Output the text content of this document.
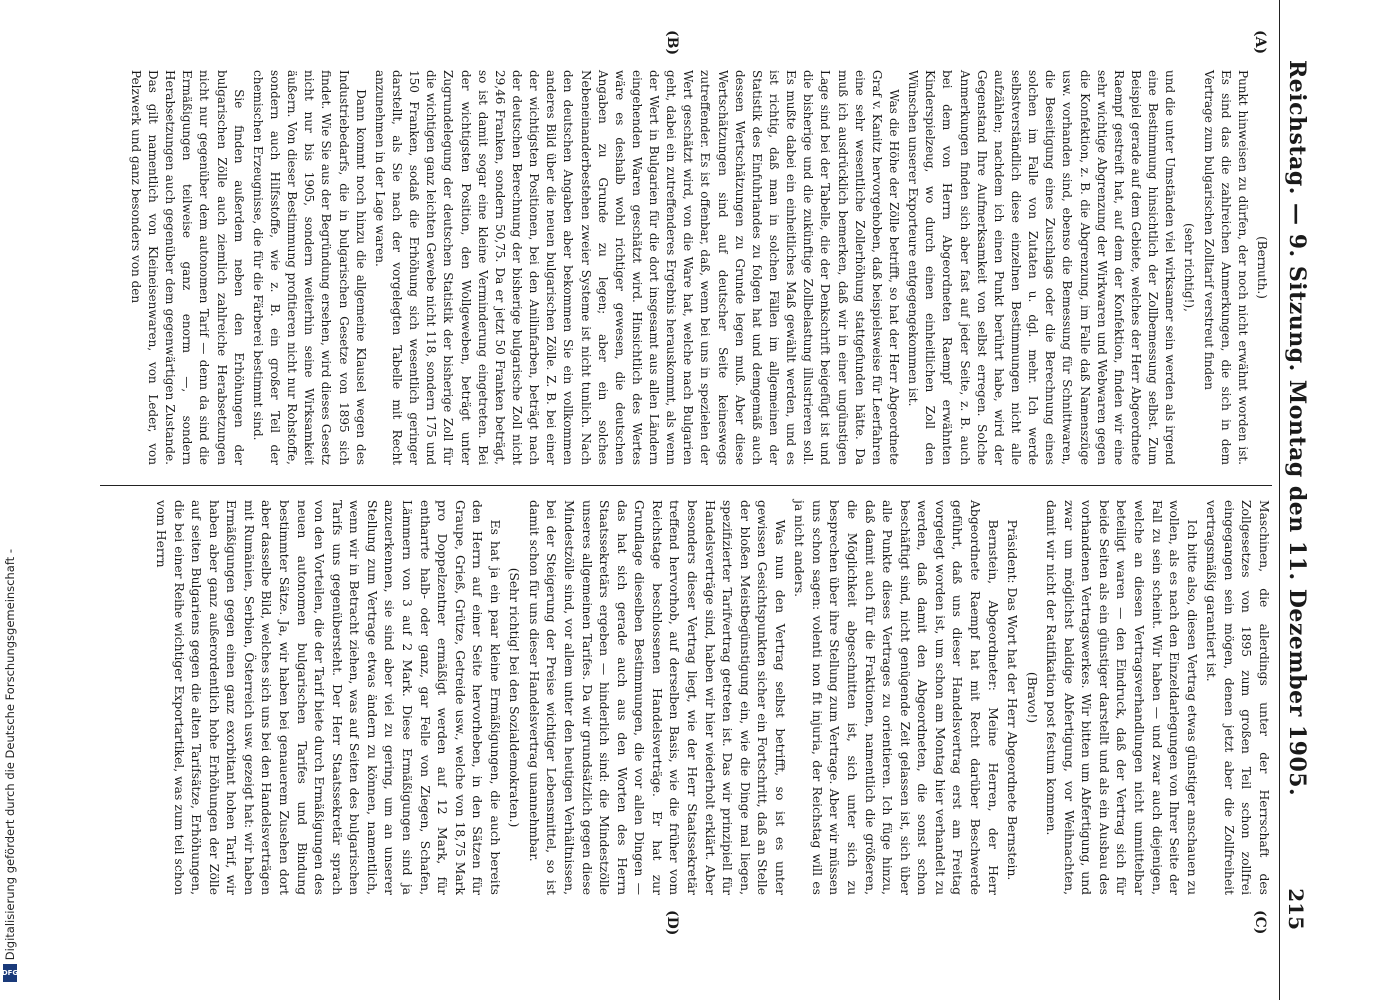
DFG
Digitalisierung gefördert durch die Deutsche Forschungsgemeinschaft -	Reichstag. — 9. Sitzung. Montag den 11. Dezember 1905.
215
(A)
(B)
(C)
(D)

(Bernuth.)

Punkt hinweisen zu dürfen, der noch nicht erwähnt worden ist. Es sind das die zahlreichen Anmerkungen, die sich in dem Vertrage zum bulgarischen Zolltarif verstreut finden

(sehr richtig!),

und die unter Umständen viel wirksamer sein werden als irgend eine Bestimmung hinsichtlich der Zollbemessung selbst. Zum Beispiel gerade auf dem Gebiete, welches der Herr Abgeordnete Raempf gestreift hat, auf dem der Konfektion, finden wir eine sehr wichtige Abgrenzung der Wirkwaren und Webwaren gegen die Konfektion, z. B. die Abgrenzung, im Falle daß Namenszüge usw. vorhanden sind, ebenso die Bemessung für Schnittwaren, die Beseitigung eines Zuschlags oder die Berechnung eines solchen im Falle von Zutaten u. dgl. mehr. Ich werde selbstverständlich diese einzelnen Bestimmungen nicht alle aufzählen; nachdem ich einen Punkt berührt habe, wird der Gegenstand Ihre Aufmerksamkeit von selbst erregen. Solche Anmerkungen finden sich aber fast auf jeder Seite, z. B. auch bei dem von Herrn Abgeordneten Raempf erwähnten Kinderspielzeug, wo durch einen einheitlichen Zoll den Wünschen unserer Exporteure entgegengekommen ist.

Was die Höhe der Zölle betrifft, so hat der Herr Abgeordnete Graf v. Kanitz hervorgehoben, daß beispielsweise für Leerfahren eine sehr wesentliche Zollerhöhung stattgefunden hätte. Da muß ich ausdrücklich bemerken, daß wir in einer ungünstigen Lage sind bei der Tabelle, die der Denkschrift beigefügt ist und die bisherige und die zukünftige Zollbelastung illustrieren soll. Es mußte dabei ein einheitliches Maß gewählt werden, und es ist richtig, daß man in solchen Fällen im allgemeinen der Statistik des Einfuhrlandes zu folgen hat und demgemäß auch dessen Wertschätzungen zu Grunde legen muß. Aber diese Wertschätzungen sind auf deutscher Seite keineswegs zutreffender. Es ist offenbar, daß, wenn bei uns in spezielen der Wert geschätzt wird, von die Ware hat, welche nach Bulgarien geht, dabei ein zutreffenderes Ergebnis herauskommt, als wenn der Wert in Bulgarien für die dort insgesamt aus allen Ländern eingehenden Waren geschätzt wird. Hinsichtlich des Wertes wäre es deshalb wohl richtiger gewesen, die deutschen Angaben zu Grunde zu legen; aber ein solches Nebeneinanderbestehen zweier Systeme ist nicht tunlich. Nach den deutschen Angaben aber bekommen Sie ein vollkommen anderes Bild über die neuen bulgarischen Zölle. Z. B. bei einer der wichtigsten Positionen, bei den Anilinfarben, beträgt nach der deutschen Berechnung der bisherige bulgarische Zoll nicht 29,46 Franken, sondern 50,75. Da er jetzt 50 Franken beträgt, so ist damit sogar eine kleine Verminderung eingetreten. Bei der wichtigsten Position, den Wollgeweben, beträgt unter Zugrundelegung der deutschen Statistik der bisherige Zoll für die wichtigen ganz leichten Gewebe nicht 118, sondern 175 und 150 Franken, sodaß die Erhöhung sich wesentlich geringer darstellt, als Sie nach der vorgelegten Tabelle mit Recht anzunehmen in der Lage waren.

Dann kommt noch hinzu die allgemeine Klausel wegen des Industriebedarfs, die in bulgarischen Gesetze von 1895 sich findet. Wie Sie aus der Begründung ersehen, wird dieses Gesetz nicht nur bis 1905, sondern weiterhin seine Wirksamkeit äußern. Von dieser Bestimmung profitieren nicht nur Rohstoffe, sondern auch Hilfsstoffe, wie z. B. ein großer Teil der chemischen Erzeugnisse, die für die Färberei bestimmt sind.

Sie finden außerdem neben den Erhöhungen der bulgarischen Zölle auch ziemlich zahlreiche Herabsetzungen nicht nur gegenüber dem autonomen Tarif — denn da sind die Ermäßigungen teilweise ganz enorm —, sondern Herabsetzungen auch gegenüber dem gegenwärtigen Zustande. Das gilt namentlich von Kleineisenwaren, von Leder, von Pelzwerk und ganz besonders von den

Maschinen, die allerdings unter der Herrschaft des Zollgesetzes von 1895 zum großen Teil schon zollfrei eingegangen sein mögen, denen jetzt aber die Zollfreiheit vertragsmäßig garantiert ist.

Ich bitte also, diesen Vertrag etwas günstiger anschauen zu wollen, als es nach den Einzeldarlegungen von Ihrer Seite der Fall zu sein scheint. Wir haben — und zwar auch diejenigen, welche an diesen Vertragsverhandlungen nicht unmittelbar beteiligt waren — den Eindruck, daß der Vertrag sich für beide Seiten als ein günstiger darstellt und als ein Ausbau des vorhandenen Vertragswerkes. Wir bitten um Abfertigung, und zwar um möglichst baldige Abfertigung, vor Weihnachten, damit wir nicht der Ratifikation post festum kommen.

(Bravo!)

Präsident: Das Wort hat der Herr Abgeordnete Bernstein.

Bernstein, Abgeordneter: Meine Herren, der Herr Abgeordnete Raempf hat mit Recht darüber Beschwerde geführt, daß uns dieser Handelsvertrag erst am Freitag vorgelegt worden ist, um schon am Montag hier verhandelt zu werden, daß damit den Abgeordneten, die sonst schon beschäftigt sind, nicht genügende Zeit gelassen ist, sich über alle Punkte dieses Vertrages zu orientieren. Ich füge hinzu, daß damit auch für die Fraktionen, namentlich die größeren, die Möglichkeit abgeschnitten ist, sich unter sich zu besprechen über ihre Stellung zum Vertrage. Aber wir müssen uns schon sagen: volenti non fit injuria, der Reichstag will es ja nicht anders.

Was nun den Vertrag selbst betrifft, so ist es unter gewissen Gesichtspunkten sicher ein Fortschritt, daß an Stelle der bloßen Meistbegünstigung ein, wie die Dinge mal liegen, spezifizierter Tarifvertrag getreten ist. Das wir prinzipiell für Handelsverträge sind, haben wir hier wiederholt erklärt. Aber besonders dieser Vertrag liegt, wie der Herr Staatssekretär treffend hervorhob, auf derselben Basis, wie die früher vom Reichstage beschlossenen Handelsverträge. Er hat zur Grundlage dieselben Bestimmungen, die vor allen Dingen — das hat sich gerade auch aus den Worten des Herrn Staatssekretärs ergeben — hinderlich sind: die Mindestzölle unseres allgemeinen Tarifes. Da wir grundsätzlich gegen diese Mindestzölle sind, vor allem unter den heutigen Verhältnissen, bei der Steigerung der Preise wichtiger Lebensmittel, so ist damit schon für uns dieser Handelsvertrag unannehmbar.

(Sehr richtig! bei den Sozialdemokraten.)

Es hat ja ein paar kleine Ermäßigungen, die auch bereits den Herrn auf einer Seite hervorheben, in den Sätzen für Graupe, Grieß, Grütze, Getreide usw., welche von 18,75 Mark pro Doppelzentner ermäßigt werden auf 12 Mark, für entharrte halb- oder ganz, gar Felle von Ziegen, Schafen, Lämmern von 3 auf 2 Mark. Diese Ermäßigungen sind ja anzuerkennen, sie sind aber viel zu gering, um an unserer Stellung zum Vertrage etwas ändern zu können, namentlich, wenn wir in Betracht ziehen, was auf Seiten des bulgarischen Tarifs uns gegenübersteht. Der Herr Staatssekretär sprach von den Vorteilen, die der Tarif biete durch Ermäßigungen des neuen autonomen bulgarischen Tarifes und Bindung bestimmter Sätze. Ja, wir haben bei genauerem Zusehen dort aber dasselbe Bild, welches sich uns bei den Handelsverträgen mit Rumänien, Serbien, Österreich usw. gezeigt hat: wir haben Ermäßigungen gegen einen ganz exorbitant hohen Tarif, wir haben aber ganz außerordentlich hohe Erhöhungen der Zölle auf seiten Bulgariens gegen die alten Tarifsätze, Erhöhungen, die bei einer Reihe wichtiger Exportartikel, was zum teil schon vom Herrn
